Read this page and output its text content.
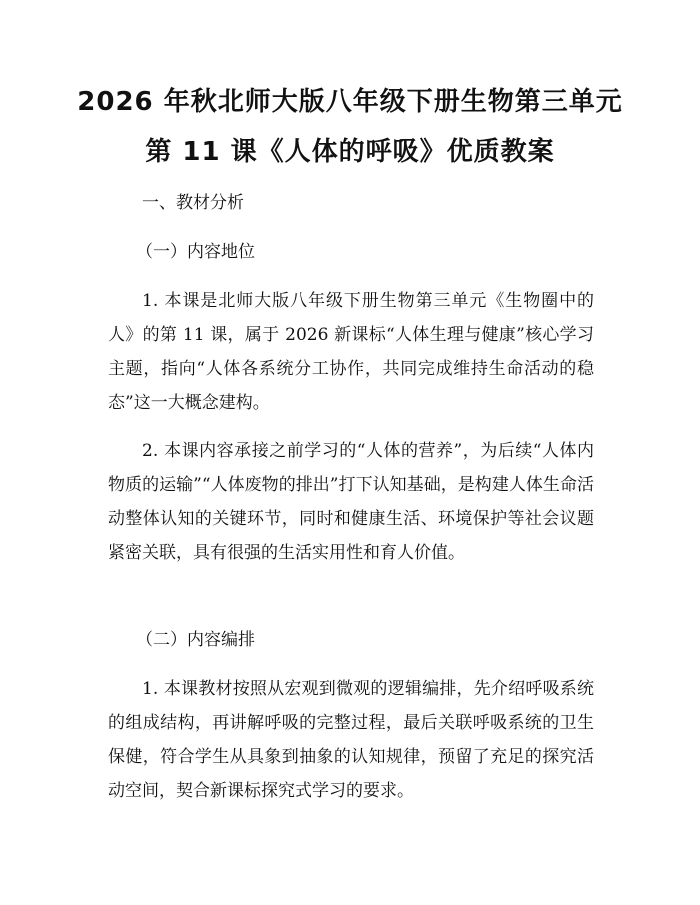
2026 年秋北师大版八年级下册生物第三单元
第 11 课《人体的呼吸》优质教案
一、教材分析
（一）内容地位
1. 本课是北师大版八年级下册生物第三单元《生物圈中的人》的第 11 课，属于 2026 新课标“人体生理与健康”核心学习主题，指向“人体各系统分工协作，共同完成维持生命活动的稳态”这一大概念建构。
2. 本课内容承接之前学习的“人体的营养”，为后续“人体内物质的运输”“人体废物的排出”打下认知基础，是构建人体生命活动整体认知的关键环节，同时和健康生活、环境保护等社会议题紧密关联，具有很强的生活实用性和育人价值。
（二）内容编排
1. 本课教材按照从宏观到微观的逻辑编排，先介绍呼吸系统的组成结构，再讲解呼吸的完整过程，最后关联呼吸系统的卫生保健，符合学生从具象到抽象的认知规律，预留了充足的探究活动空间，契合新课标探究式学习的要求。
